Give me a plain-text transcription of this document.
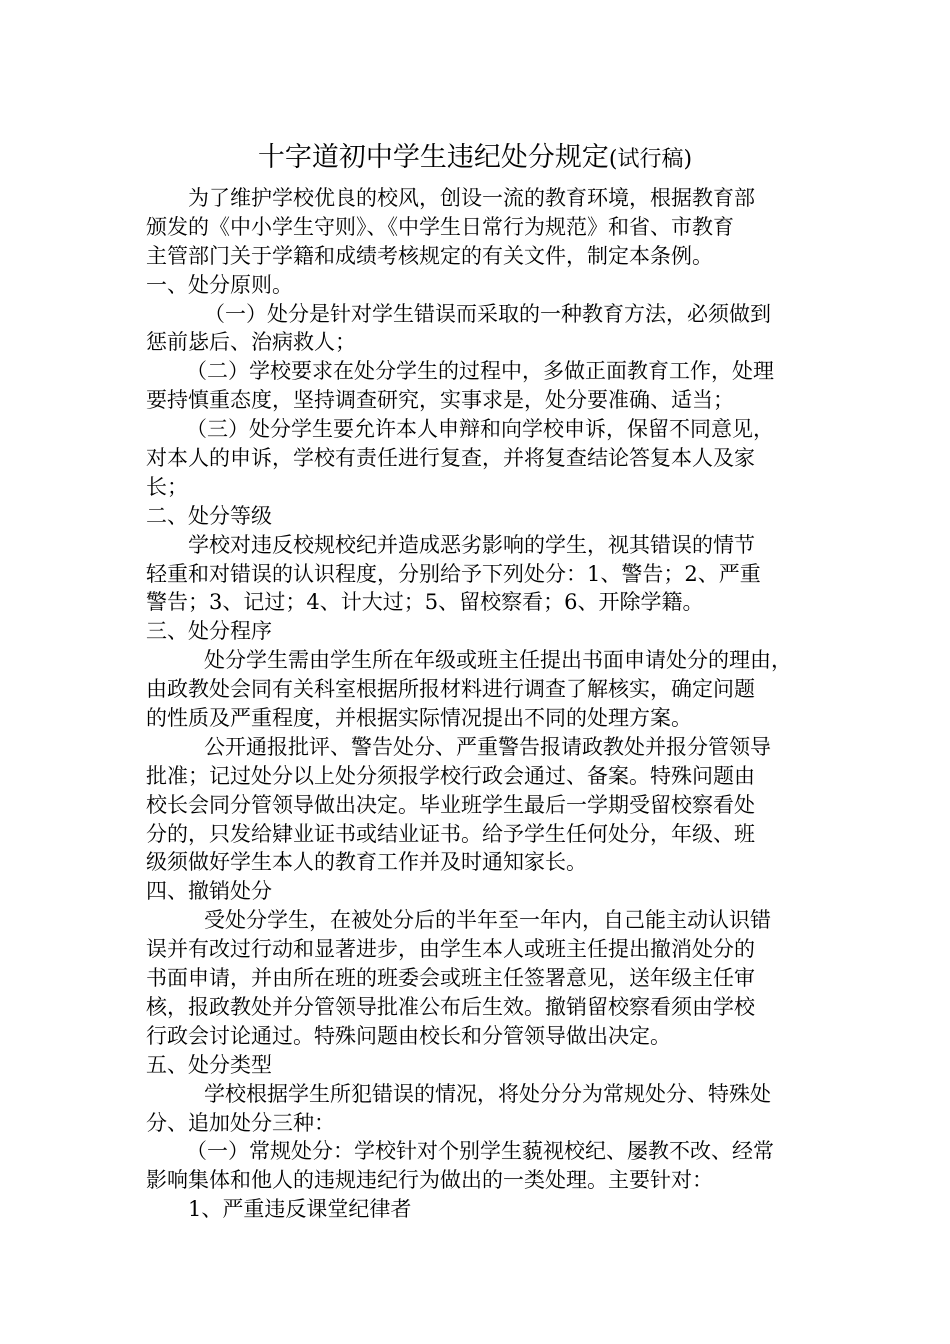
十字道初中学生违纪处分规定(试行稿)
为了维护学校优良的校风，创设一流的教育环境，根据教育部
颁发的《中小学生守则》、《中学生日常行为规范》和省、市教育
主管部门关于学籍和成绩考核规定的有关文件，制定本条例。
一、处分原则。
（一）处分是针对学生错误而采取的一种教育方法，必须做到
惩前毖后、治病救人；
（二）学校要求在处分学生的过程中，多做正面教育工作，处理
要持慎重态度，坚持调查研究，实事求是，处分要准确、适当；
（三）处分学生要允许本人申辩和向学校申诉，保留不同意见，
对本人的申诉，学校有责任进行复查，并将复查结论答复本人及家
长；
二、处分等级
学校对违反校规校纪并造成恶劣影响的学生，视其错误的情节
轻重和对错误的认识程度，分别给予下列处分：1、警告；2、严重
警告；3、记过；4、计大过；5、留校察看；6、开除学籍。
三、处分程序
处分学生需由学生所在年级或班主任提出书面申请处分的理由，
由政教处会同有关科室根据所报材料进行调查了解核实，确定问题
的性质及严重程度，并根据实际情况提出不同的处理方案。
公开通报批评、警告处分、严重警告报请政教处并报分管领导
批准；记过处分以上处分须报学校行政会通过、备案。特殊问题由
校长会同分管领导做出决定。毕业班学生最后一学期受留校察看处
分的，只发给肄业证书或结业证书。给予学生任何处分，年级、班
级须做好学生本人的教育工作并及时通知家长。
四、撤销处分
受处分学生，在被处分后的半年至一年内，自己能主动认识错
误并有改过行动和显著进步，由学生本人或班主任提出撤消处分的
书面申请，并由所在班的班委会或班主任签署意见，送年级主任审
核，报政教处并分管领导批准公布后生效。撤销留校察看须由学校
行政会讨论通过。特殊问题由校长和分管领导做出决定。
五、处分类型
学校根据学生所犯错误的情况，将处分分为常规处分、特殊处
分、追加处分三种：
（一）常规处分：学校针对个别学生藐视校纪、屡教不改、经常
影响集体和他人的违规违纪行为做出的一类处理。主要针对：
1、严重违反课堂纪律者
